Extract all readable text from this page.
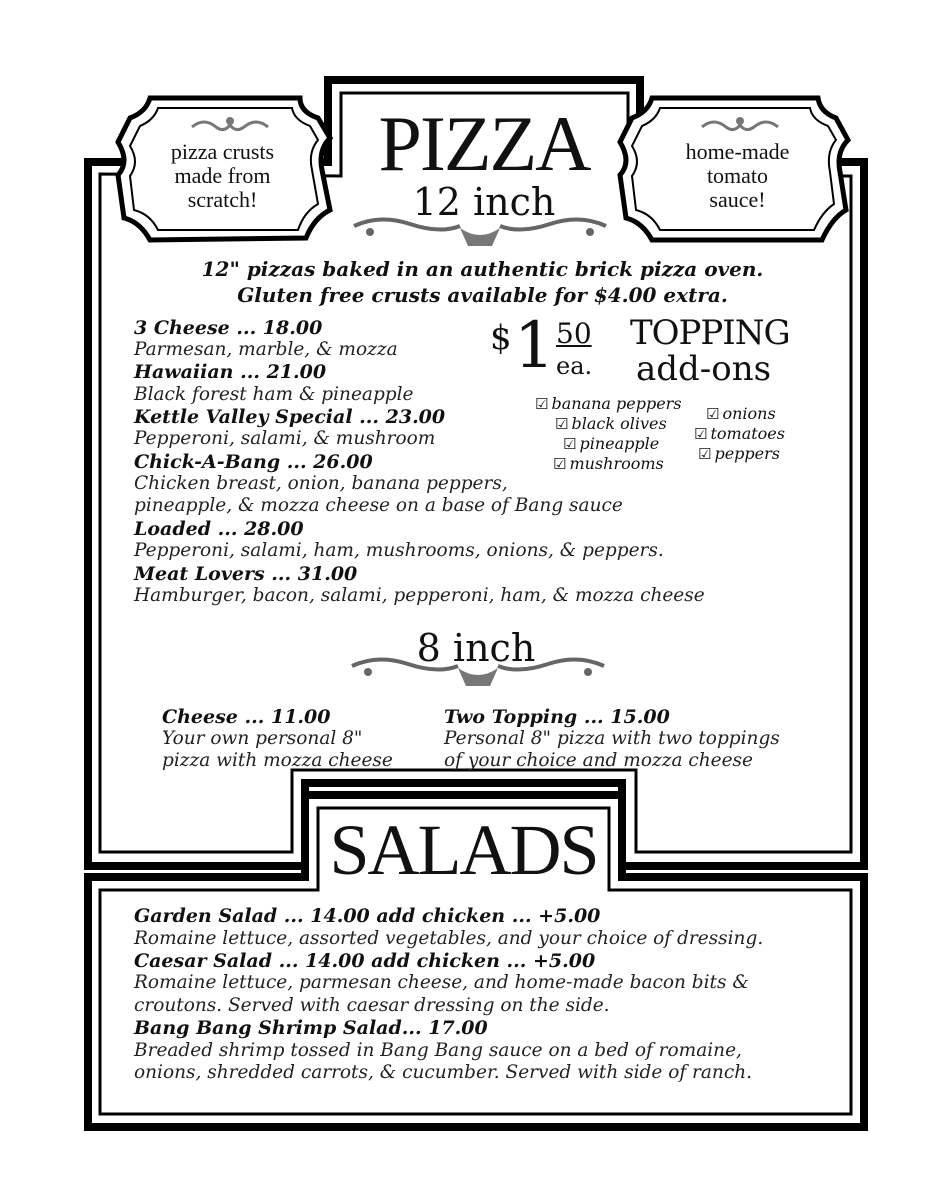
pizza crusts
made from
scratch!
home-made
tomato
sauce!
PIZZA
12 inch
12" pizzas baked in an authentic brick pizza oven.
Gluten free crusts available for $4.00 extra.
3 Cheese ... 18.00
Parmesan, marble, & mozza
Hawaiian ... 21.00
Black forest ham & pineapple
Kettle Valley Special ... 23.00
Pepperoni, salami, & mushroom
Chick-A-Bang ... 26.00
Chicken breast, onion, banana peppers,
pineapple, & mozza cheese on a base of Bang sauce
Loaded ... 28.00
Pepperoni, salami, ham, mushrooms, onions, & peppers.
Meat Lovers ... 31.00
Hamburger, bacon, salami, pepperoni, ham, & mozza cheese
$ 1 50
ea.
TOPPING
add-ons
☑ banana peppers
☑ black olives
☑ pineapple
☑ mushrooms
☑ onions
☑ tomatoes
☑ peppers
8 inch
Cheese ... 11.00
Your own personal 8"
pizza with mozza cheese
Two Topping ... 15.00
Personal 8" pizza with two toppings
of your choice and mozza cheese
SALADS
Garden Salad ... 14.00 add chicken ... +5.00
Romaine lettuce, assorted vegetables, and your choice of dressing.
Caesar Salad ... 14.00 add chicken ... +5.00
Romaine lettuce, parmesan cheese, and home-made bacon bits &
croutons. Served with caesar dressing on the side.
Bang Bang Shrimp Salad... 17.00
Breaded shrimp tossed in Bang Bang sauce on a bed of romaine,
onions, shredded carrots, & cucumber. Served with side of ranch.
